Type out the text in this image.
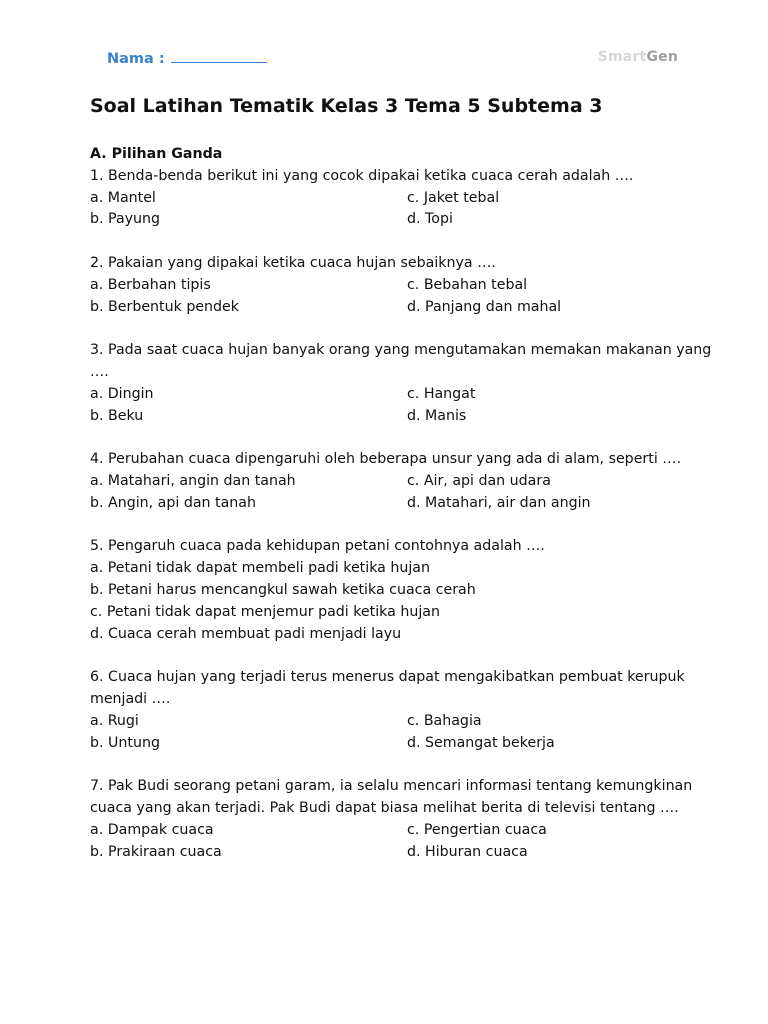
Nama :	SmartGen
Soal Latihan Tematik Kelas 3 Tema 5 Subtema 3
A. Pilihan Ganda
1. Benda-benda berikut ini yang cocok dipakai ketika cuaca cerah adalah ….
a. Mantel	c. Jaket tebal
b. Payung	d. Topi
2. Pakaian yang dipakai ketika cuaca hujan sebaiknya ….
a. Berbahan tipis	c. Bebahan tebal
b. Berbentuk pendek	d. Panjang dan mahal
3. Pada saat cuaca hujan banyak orang yang mengutamakan memakan makanan yang
….
a. Dingin	c. Hangat
b. Beku	d. Manis
4. Perubahan cuaca dipengaruhi oleh beberapa unsur yang ada di alam, seperti ….
a. Matahari, angin dan tanah	c. Air, api dan udara
b. Angin, api dan tanah	d. Matahari, air dan angin
5. Pengaruh cuaca pada kehidupan petani contohnya adalah ….
a. Petani tidak dapat membeli padi ketika hujan
b. Petani harus mencangkul sawah ketika cuaca cerah
c. Petani tidak dapat menjemur padi ketika hujan
d. Cuaca cerah membuat padi menjadi layu
6. Cuaca hujan yang terjadi terus menerus dapat mengakibatkan pembuat kerupuk
menjadi ….
a. Rugi	c. Bahagia
b. Untung	d. Semangat bekerja
7. Pak Budi seorang petani garam, ia selalu mencari informasi tentang kemungkinan
cuaca yang akan terjadi. Pak Budi dapat biasa melihat berita di televisi tentang ….
a. Dampak cuaca	c. Pengertian cuaca
b. Prakiraan cuaca	d. Hiburan cuaca
